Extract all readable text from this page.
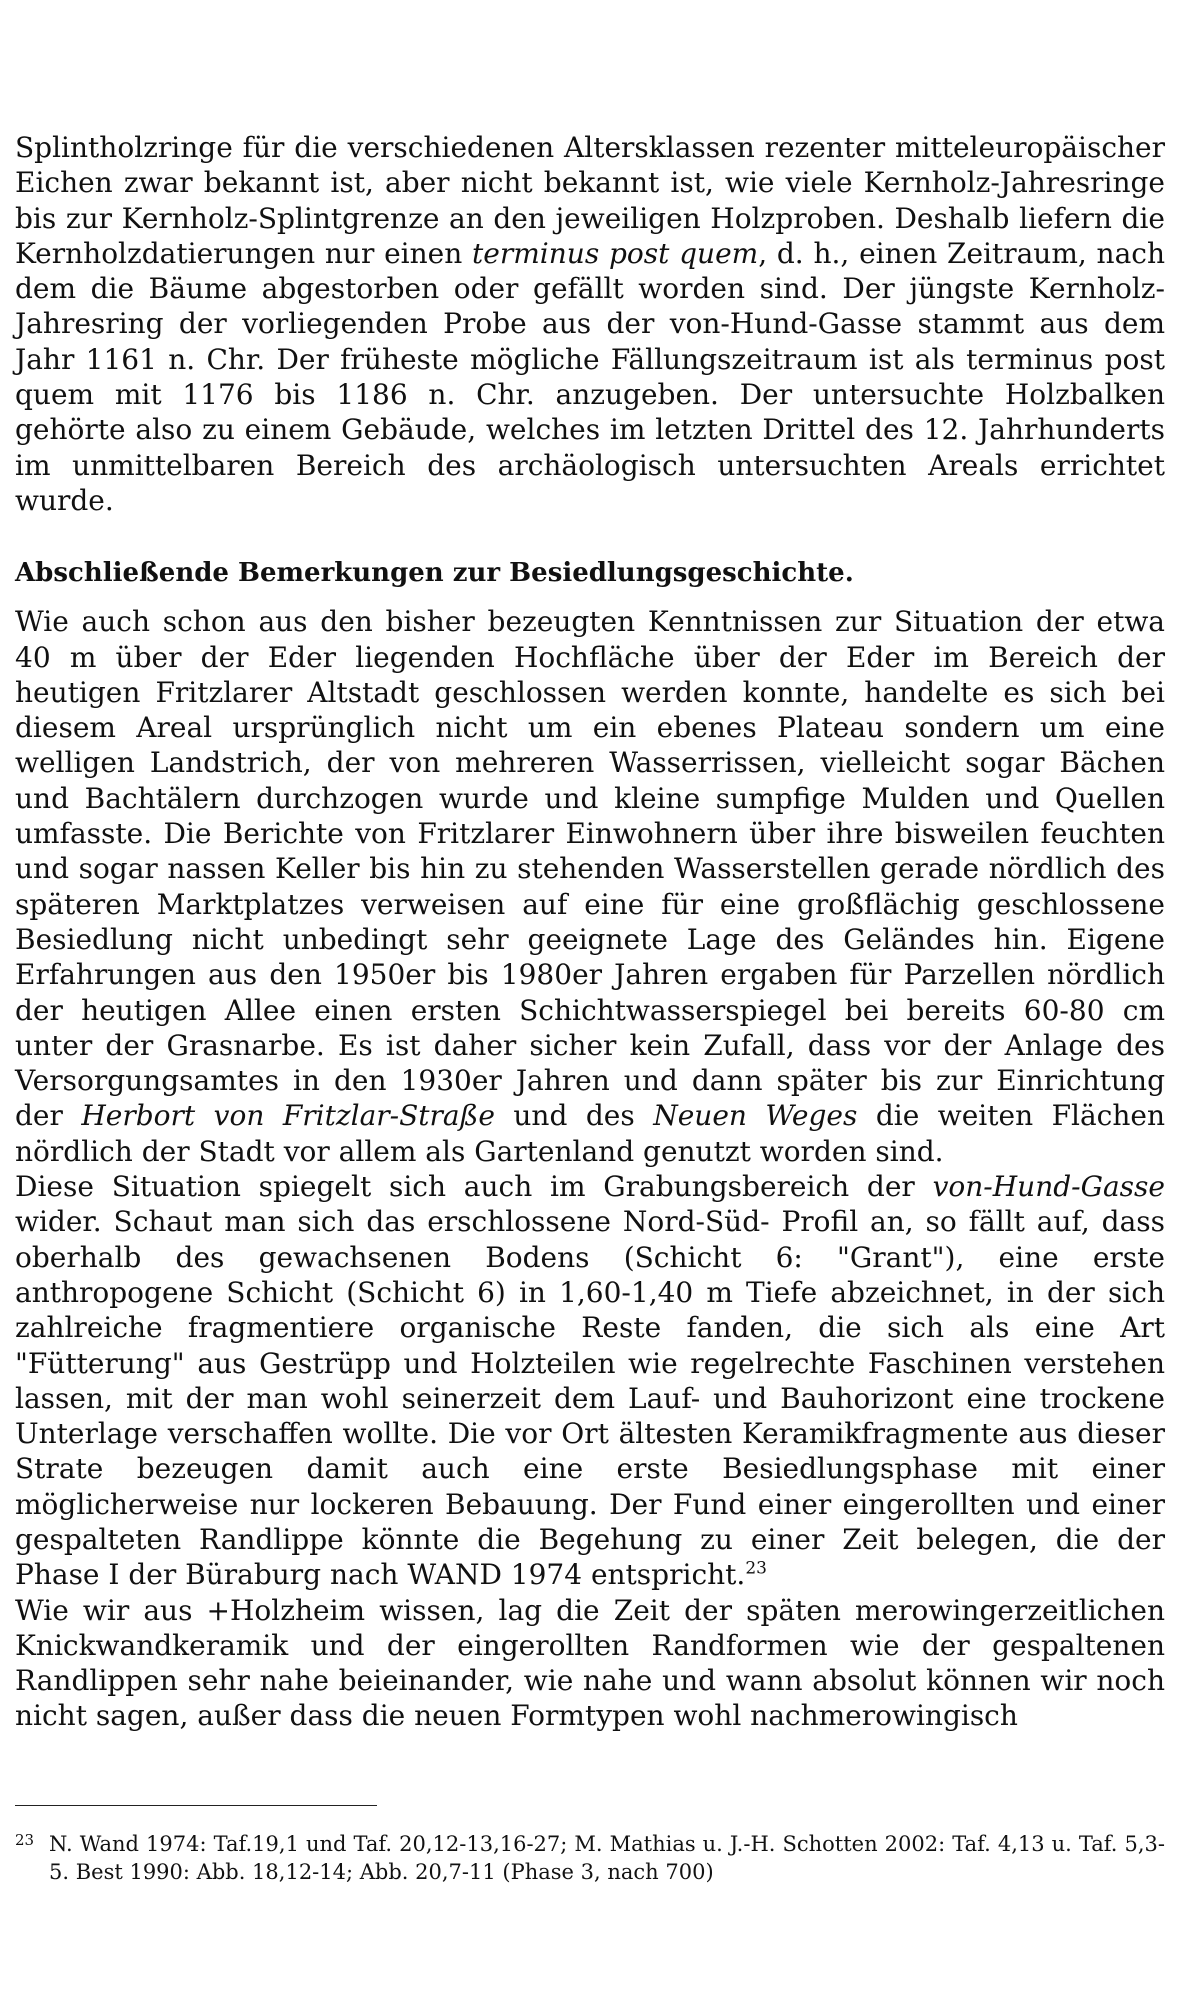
Splintholzringe für die verschiedenen Altersklassen rezenter mitteleuropäischer Eichen zwar bekannt ist, aber nicht bekannt ist, wie viele Kernholz-Jahresringe bis zur Kernholz-Splintgrenze an den jeweiligen Holzproben. Deshalb liefern die Kernholzdatierungen nur einen terminus post quem, d. h., einen Zeitraum, nach dem die Bäume abgestorben oder gefällt worden sind. Der jüngste Kernholz-Jahresring der vorliegenden Probe aus der von-Hund-Gasse stammt aus dem Jahr 1161 n. Chr. Der früheste mögliche Fällungszeitraum ist als terminus post quem mit 1176 bis 1186 n. Chr. anzugeben. Der untersuchte Holzbalken gehörte also zu einem Gebäude, welches im letzten Drittel des 12. Jahrhunderts im unmittelbaren Bereich des archäologisch untersuchten Areals errichtet wurde.

Abschließende Bemerkungen zur Besiedlungsgeschichte.

Wie auch schon aus den bisher bezeugten Kenntnissen zur Situation der etwa 40 m über der Eder liegenden Hochfläche über der Eder im Bereich der heutigen Fritzlarer Altstadt geschlossen werden konnte, handelte es sich bei diesem Areal ursprünglich nicht um ein ebenes Plateau sondern um eine welligen Landstrich, der von mehreren Wasserrissen, vielleicht sogar Bächen und Bachtälern durchzogen wurde und kleine sumpfige Mulden und Quellen umfasste. Die Berichte von Fritzlarer Einwohnern über ihre bisweilen feuchten und sogar nassen Keller bis hin zu stehenden Wasserstellen gerade nördlich des späteren Marktplatzes verweisen auf eine für eine großflächig geschlossene Besiedlung nicht unbedingt sehr geeignete Lage des Geländes hin. Eigene Erfahrungen aus den 1950er bis 1980er Jahren ergaben für Parzellen nördlich der heutigen Allee einen ersten Schichtwasserspiegel bei bereits 60-80 cm unter der Grasnarbe. Es ist daher sicher kein Zufall, dass vor der Anlage des Versorgungsamtes in den 1930er Jahren und dann später bis zur Einrichtung der Herbort von Fritzlar-Straße und des Neuen Weges die weiten Flächen nördlich der Stadt vor allem als Gartenland genutzt worden sind.

Diese Situation spiegelt sich auch im Grabungsbereich der von-Hund-Gasse wider. Schaut man sich das erschlossene Nord-Süd- Profil an, so fällt auf, dass oberhalb des gewachsenen Bodens (Schicht 6: "Grant"), eine erste anthropogene Schicht (Schicht 6) in 1,60-1,40 m Tiefe abzeichnet, in der sich zahlreiche fragmentiere organische Reste fanden, die sich als eine Art "Fütterung" aus Gestrüpp und Holzteilen wie regelrechte Faschinen verstehen lassen, mit der man wohl seinerzeit dem Lauf- und Bauhorizont eine trockene Unterlage verschaffen wollte. Die vor Ort ältesten Keramikfragmente aus dieser Strate bezeugen damit auch eine erste Besiedlungsphase mit einer möglicherweise nur lockeren Bebauung. Der Fund einer eingerollten und einer gespalteten Randlippe könnte die Begehung zu einer Zeit belegen, die der Phase I der Büraburg nach WAND 1974 entspricht.$^{23}$

Wie wir aus +Holzheim wissen, lag die Zeit der späten merowingerzeitlichen Knickwandkeramik und der eingerollten Randformen wie der gespaltenen Randlippen sehr nahe beieinander, wie nahe und wann absolut können wir noch nicht sagen, außer dass die neuen Formtypen wohl nachmerowingisch

23 N. Wand 1974: Taf.19,1 und Taf. 20,12-13,16-27; M. Mathias u. J.-H. Schotten 2002: Taf. 4,13 u. Taf. 5,3-5. Best 1990: Abb. 18,12-14; Abb. 20,7-11 (Phase 3, nach 700)
